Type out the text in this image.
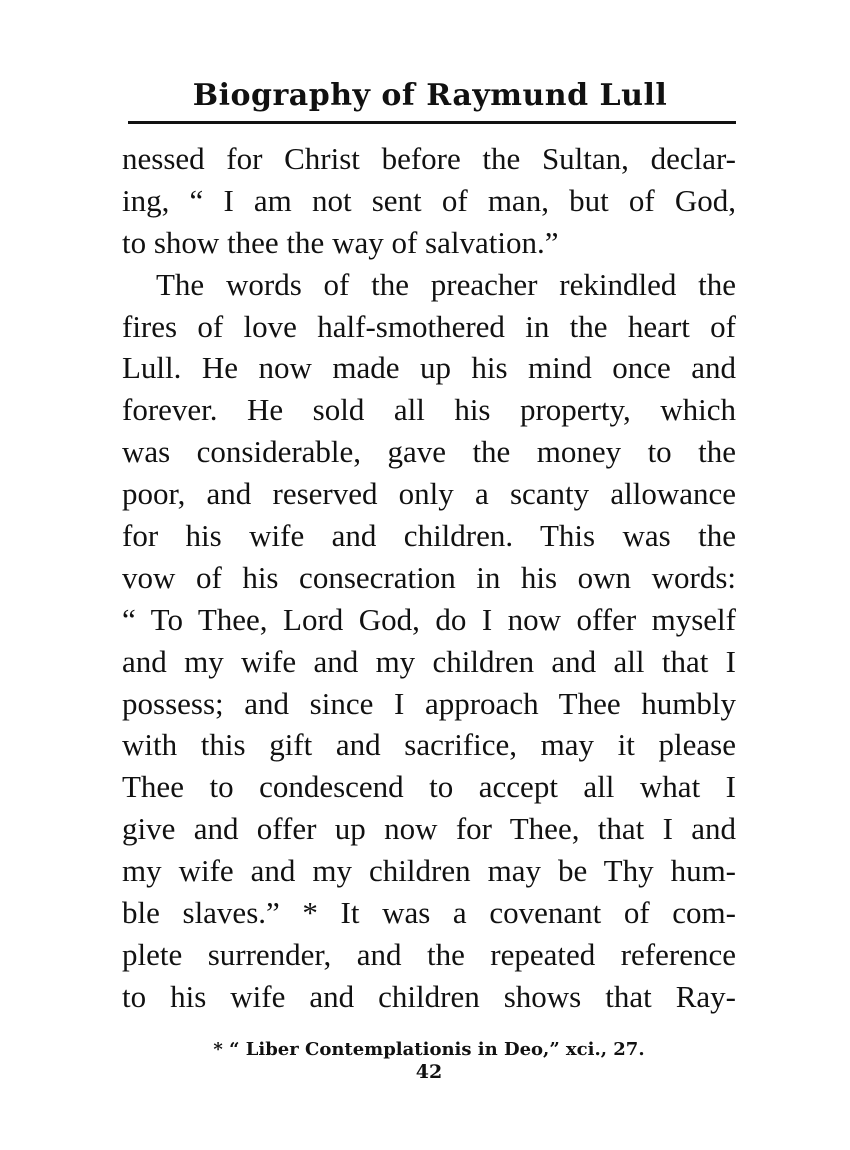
Biography of Raymund Lull
nessed for Christ before the Sultan, declar-
ing, “ I am not sent of man, but of God,
to show thee the way of salvation.”
The words of the preacher rekindled the
fires of love half-smothered in the heart of
Lull. He now made up his mind once and
forever. He sold all his property, which
was considerable, gave the money to the
poor, and reserved only a scanty allowance
for his wife and children. This was the
vow of his consecration in his own words:
“ To Thee, Lord God, do I now offer myself
and my wife and my children and all that I
possess; and since I approach Thee humbly
with this gift and sacrifice, may it please
Thee to condescend to accept all what I
give and offer up now for Thee, that I and
my wife and my children may be Thy hum-
ble slaves.” * It was a covenant of com-
plete surrender, and the repeated reference
to his wife and children shows that Ray-
* “ Liber Contemplationis in Deo,” xci., 27.
42
